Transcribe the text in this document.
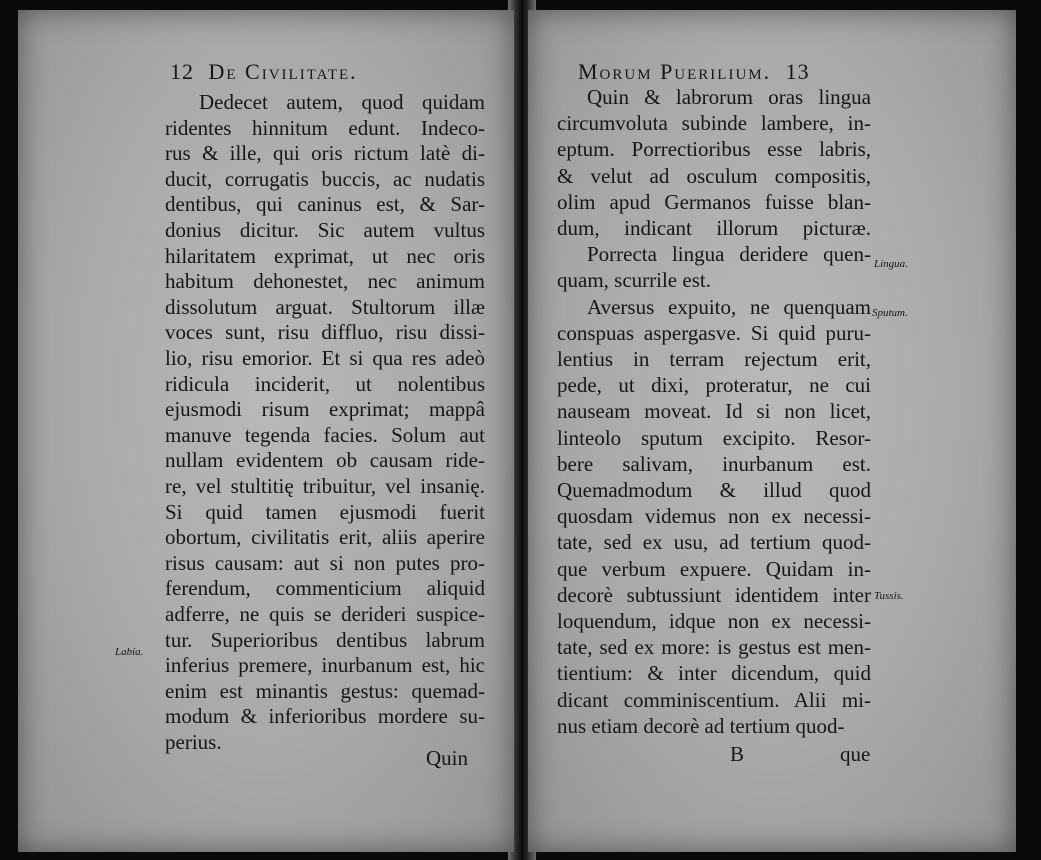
12 De Civilitate.
Dedecet autem, quod quidam
ridentes hinnitum edunt. Indeco-
rus & ille, qui oris rictum latè di-
ducit, corrugatis buccis, ac nudatis
dentibus, qui caninus est, & Sar-
donius dicitur. Sic autem vultus
hilaritatem exprimat, ut nec oris
habitum dehonestet, nec animum
dissolutum arguat. Stultorum illæ
voces sunt, risu diffluo, risu dissi-
lio, risu emorior. Et si qua res adeò
ridicula inciderit, ut nolentibus
ejusmodi risum exprimat; mappâ
manuve tegenda facies. Solum aut
nullam evidentem ob causam ride-
re, vel stultitię tribuitur, vel insanię.
Si quid tamen ejusmodi fuerit
obortum, civilitatis erit, aliis aperire
risus causam: aut si non putes pro-
ferendum, commenticium aliquid
adferre, ne quis se derideri suspice-
tur. Superioribus dentibus labrum
inferius premere, inurbanum est, hic
enim est minantis gestus: quemad-
modum & inferioribus mordere su-
perius.
Labia.
Quin
Morum Puerilium. 13
Quin & labrorum oras lingua
circumvoluta subinde lambere, in-
eptum. Porrectioribus esse labris,
& velut ad osculum compositis,
olim apud Germanos fuisse blan-
dum, indicant illorum picturæ.
Porrecta lingua deridere quen-
quam, scurrile est.
Aversus expuito, ne quenquam
conspuas aspergasve. Si quid puru-
lentius in terram rejectum erit,
pede, ut dixi, proteratur, ne cui
nauseam moveat. Id si non licet,
linteolo sputum excipito. Resor-
bere salivam, inurbanum est.
Quemadmodum & illud quod
quosdam videmus non ex necessi-
tate, sed ex usu, ad tertium quod-
que verbum expuere. Quidam in-
decorè subtussiunt identidem inter
loquendum, idque non ex necessi-
tate, sed ex more: is gestus est men-
tientium: & inter dicendum, quid
dicant comminiscentium. Alii mi-
nus etiam decorè ad tertium quod-
Lingua.
Sputum.
Tussis.
B	que
